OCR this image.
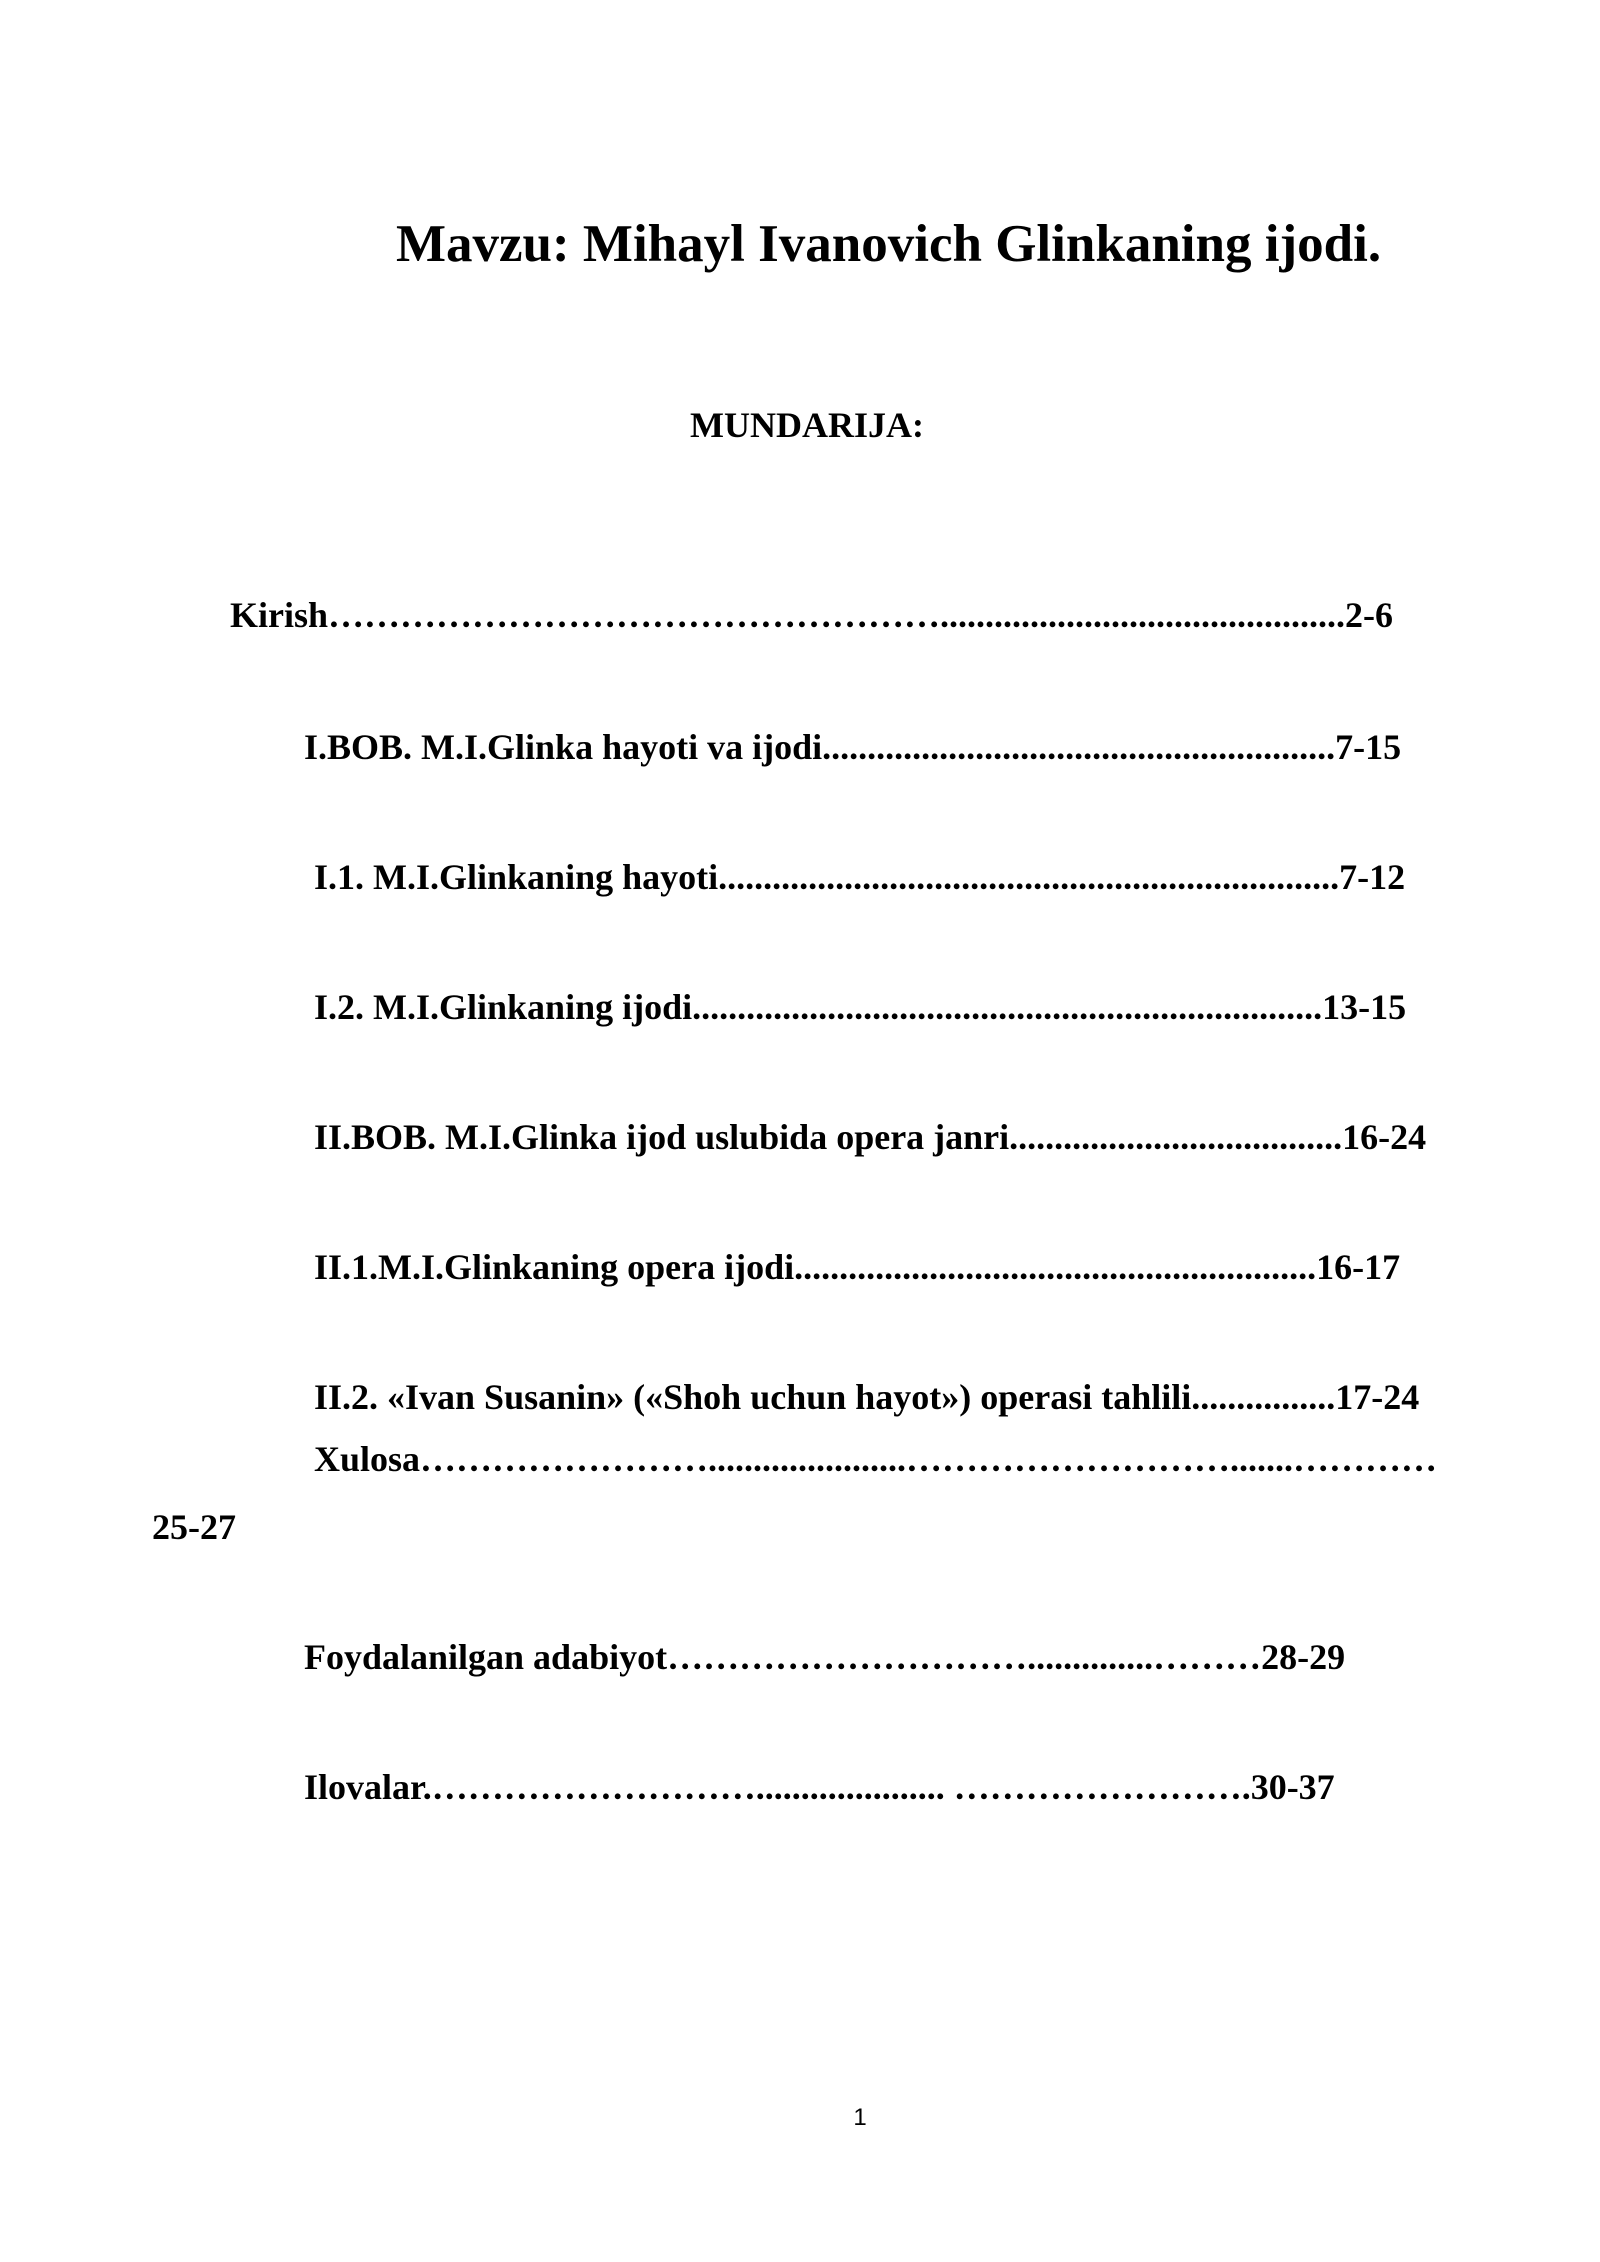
Mavzu: Mihayl Ivanovich Glinkaning ijodi.
MUNDARIJA:
Kirish…………………………………………….............................................2-6
I.BOB. M.I.Glinka hayoti va ijodi.........................................................7-15
I.1. M.I.Glinkaning hayoti.....................................................................7-12
I.2. M.I.Glinkaning ijodi......................................................................13-15
II.BOB. M.I.Glinka ijod uslubida opera janri.....................................16-24
II.1.M.I.Glinkaning opera ijodi..........................................................16-17
II.2. «Ivan Susanin» («Shoh uchun hayot») operasi tahlili................17-24
Xulosa……………………......................……………………….......…………
25-27
Foydalanilgan adabiyot…………………………..............………28-29
Ilovalar.………………………..................... …………………….30-37
1
